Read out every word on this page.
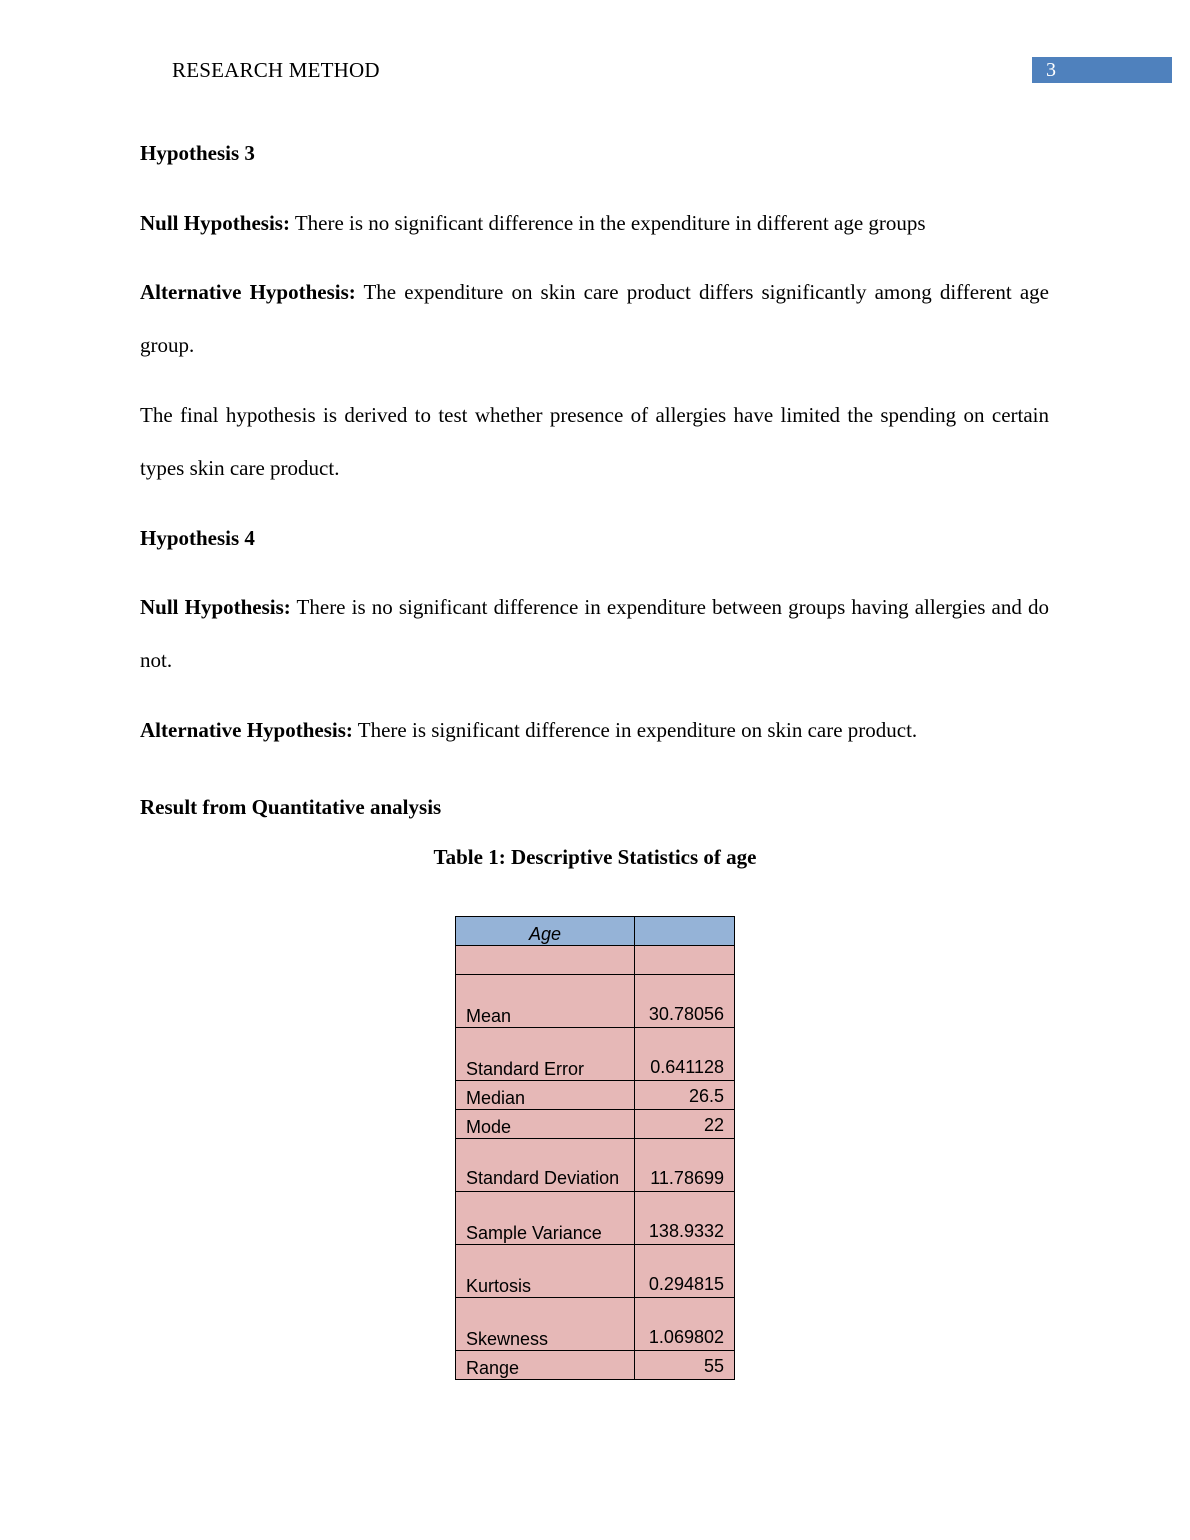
RESEARCH METHOD	3
Hypothesis 3
Null Hypothesis: There is no significant difference in the expenditure in different age groups
Alternative Hypothesis: The expenditure on skin care product differs significantly among different age group.
The final hypothesis is derived to test whether presence of allergies have limited the spending on certain types skin care product.
Hypothesis 4
Null Hypothesis: There is no significant difference in expenditure between groups having allergies and do not.
Alternative Hypothesis: There is significant difference in expenditure on skin care product.
Result from Quantitative analysis
Table 1: Descriptive Statistics of age
Age	

Mean	30.78056
Standard Error	0.641128
Median	26.5
Mode	22
Standard Deviation	11.78699
Sample Variance	138.9332
Kurtosis	0.294815
Skewness	1.069802
Range	55
